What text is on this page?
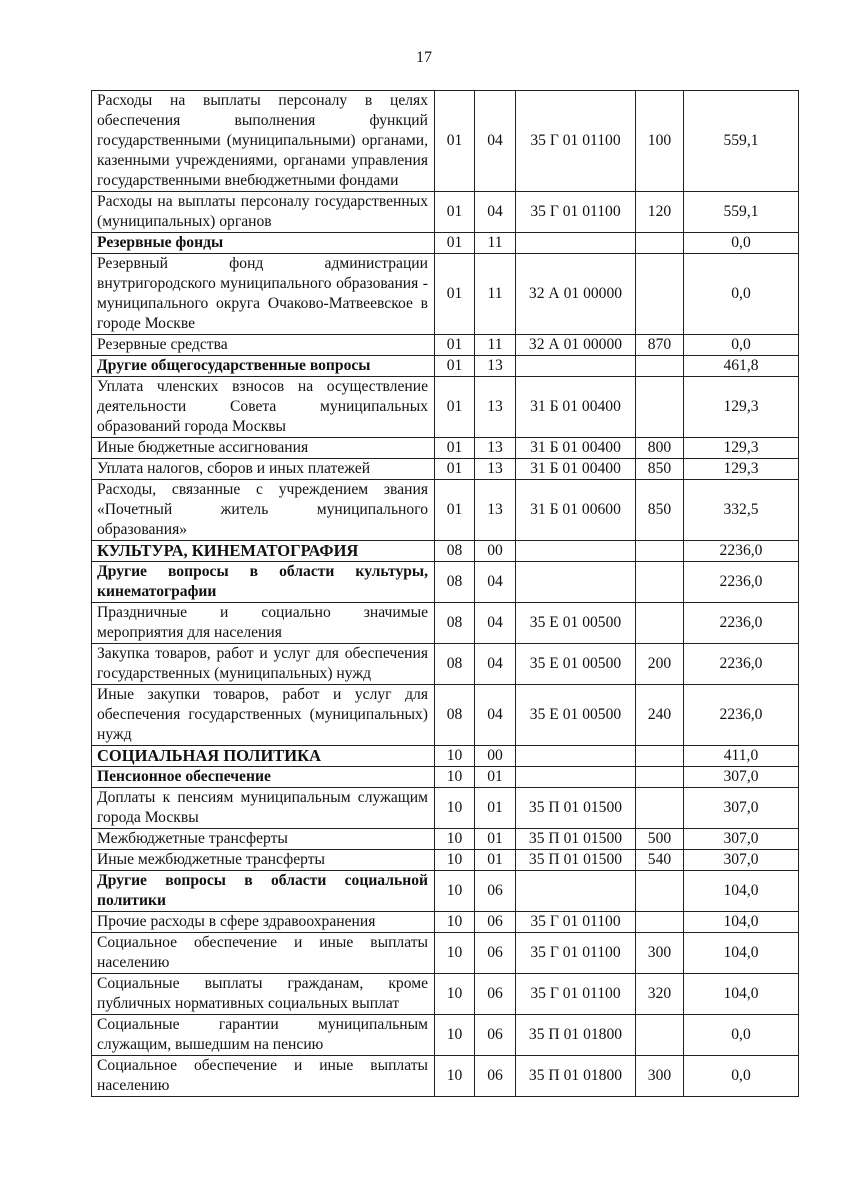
17
Расходы на выплаты персоналу в целях обеспечения выполнения функций государственными (муниципальными) органами, казенными учреждениями, органами управления государственными внебюджетными фондами	01	04	35 Г 01 01100	100	559,1
Расходы на выплаты персоналу государственных (муниципальных) органов	01	04	35 Г 01 01100	120	559,1
Резервные фонды	01	11			0,0
Резервный фонд администрации внутригородского муниципального образования - муниципального округа Очаково-Матвеевское в городе Москве	01	11	32 А 01 00000		0,0
Резервные средства	01	11	32 А 01 00000	870	0,0
Другие общегосударственные вопросы	01	13			461,8
Уплата членских взносов на осуществление деятельности Совета муниципальных образований города Москвы	01	13	31 Б 01 00400		129,3
Иные бюджетные ассигнования	01	13	31 Б 01 00400	800	129,3
Уплата налогов, сборов и иных платежей	01	13	31 Б 01 00400	850	129,3
Расходы, связанные с учреждением звания «Почетный житель муниципального образования»	01	13	31 Б 01 00600	850	332,5
КУЛЬТУРА, КИНЕМАТОГРАФИЯ	08	00			2236,0
Другие вопросы в области культуры, кинематографии	08	04			2236,0
Праздничные и социально значимые мероприятия для населения	08	04	35 Е 01 00500		2236,0
Закупка товаров, работ и услуг для обеспечения государственных (муниципальных) нужд	08	04	35 Е 01 00500	200	2236,0
Иные закупки товаров, работ и услуг для обеспечения государственных (муниципальных) нужд	08	04	35 Е 01 00500	240	2236,0
СОЦИАЛЬНАЯ ПОЛИТИКА	10	00			411,0
Пенсионное обеспечение	10	01			307,0
Доплаты к пенсиям муниципальным служащим города Москвы	10	01	35 П 01 01500		307,0
Межбюджетные трансферты	10	01	35 П 01 01500	500	307,0
Иные межбюджетные трансферты	10	01	35 П 01 01500	540	307,0
Другие вопросы в области социальной политики	10	06			104,0
Прочие расходы в сфере здравоохранения	10	06	35 Г 01 01100		104,0
Социальное обеспечение и иные выплаты населению	10	06	35 Г 01 01100	300	104,0
Социальные выплаты гражданам, кроме публичных нормативных социальных выплат	10	06	35 Г 01 01100	320	104,0
Социальные гарантии муниципальным служащим, вышедшим на пенсию	10	06	35 П 01 01800		0,0
Социальное обеспечение и иные выплаты населению	10	06	35 П 01 01800	300	0,0
